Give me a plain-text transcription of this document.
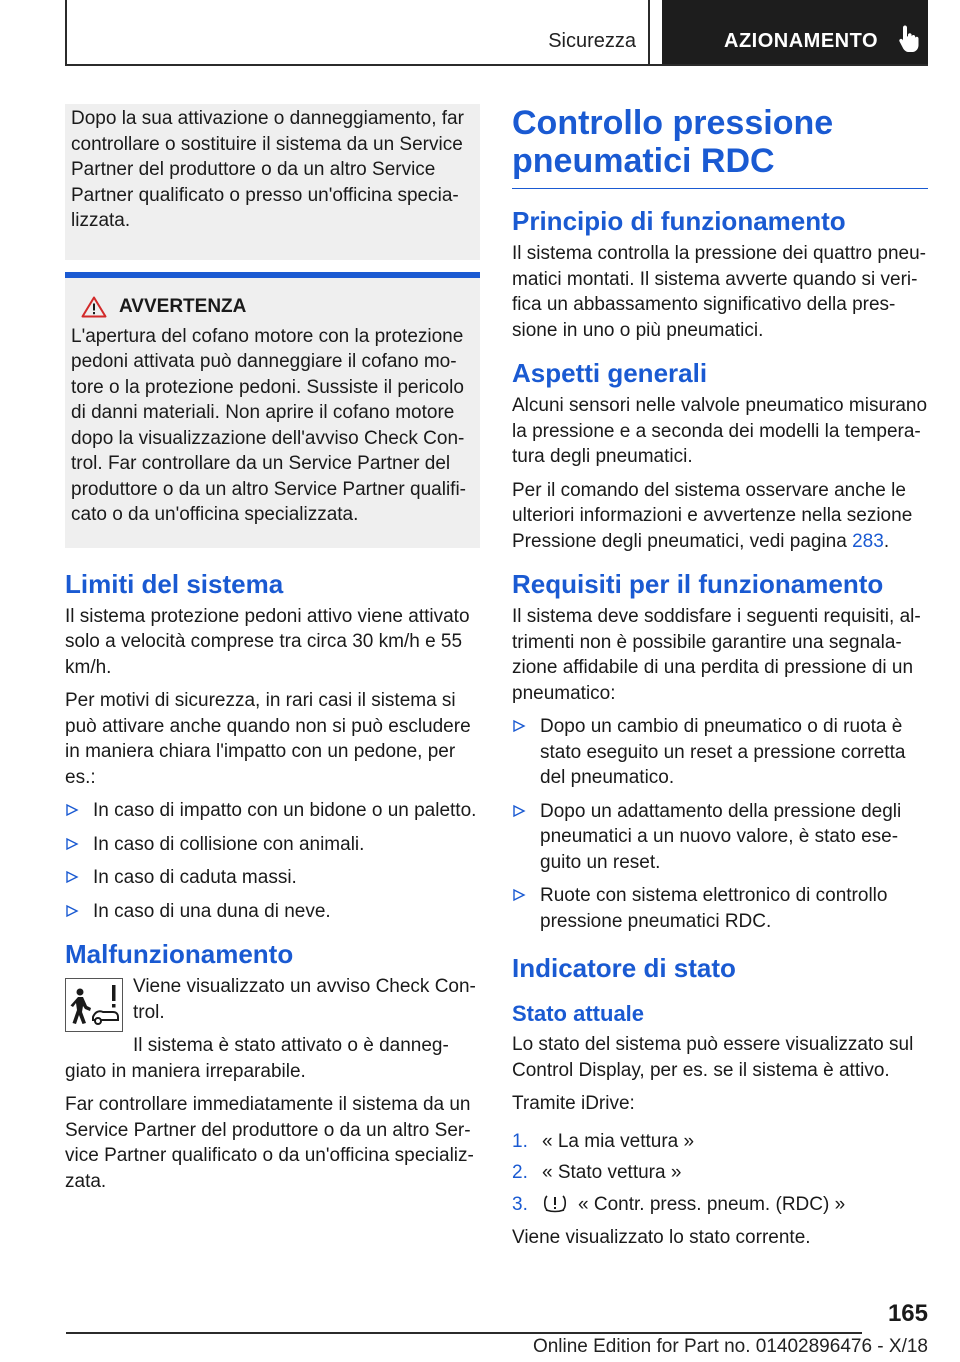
Sicurezza	AZIONAMENTO

Dopo la sua attivazione o danneggiamento, far controllare o sostituire il sistema da un Service Partner del produttore o da un altro Service Partner qualificato o presso un'officina specia-lizzata.

AVVERTENZA

L'apertura del cofano motore con la protezione pedoni attivata può danneggiare il cofano mo-tore o la protezione pedoni. Sussiste il pericolo di danni materiali. Non aprire il cofano motore dopo la visualizzazione dell'avviso Check Con-trol. Far controllare da un Service Partner del produttore o da un altro Service Partner qualifi-cato o da un'officina specializzata.

Limiti del sistema

Il sistema protezione pedoni attivo viene attivato solo a velocità comprese tra circa 30 km/h e 55 km/h.

Per motivi di sicurezza, in rari casi il sistema si può attivare anche quando non si può escludere in maniera chiara l'impatto con un pedone, per es.:

In caso di impatto con un bidone o un paletto.
In caso di collisione con animali.
In caso di caduta massi.
In caso di una duna di neve.
Malfunzionamento

Viene visualizzato un avviso Check Con-trol.

Il sistema è stato attivato o è danneg-giato in maniera irreparabile.

Far controllare immediatamente il sistema da un Service Partner del produttore o da un altro Ser-vice Partner qualificato o da un'officina specializ-zata.

Controllo pressione pneumatici RDC
Principio di funzionamento

Il sistema controlla la pressione dei quattro pneu-matici montati. Il sistema avverte quando si veri-fica un abbassamento significativo della pres-sione in uno o più pneumatici.

Aspetti generali

Alcuni sensori nelle valvole pneumatico misurano la pressione e a seconda dei modelli la tempera-tura degli pneumatici.

Per il comando del sistema osservare anche le ulteriori informazioni e avvertenze nella sezione Pressione degli pneumatici, vedi pagina 283.

Requisiti per il funzionamento

Il sistema deve soddisfare i seguenti requisiti, al-trimenti non è possibile garantire una segnala-zione affidabile di una perdita di pressione di un pneumatico:

Dopo un cambio di pneumatico o di ruota è stato eseguito un reset a pressione corretta del pneumatico.
Dopo un adattamento della pressione degli pneumatici a un nuovo valore, è stato ese-guito un reset.
Ruote con sistema elettronico di controllo pressione pneumatici RDC.
Indicatore di stato
Stato attuale

Lo stato del sistema può essere visualizzato sul Control Display, per es. se il sistema è attivo.

Tramite iDrive:

1. « La mia vettura »
2. « Stato vettura »
3.	« Contr. press. pneum. (RDC) »

Viene visualizzato lo stato corrente.

165
Online Edition for Part no. 01402896476 - X/18
